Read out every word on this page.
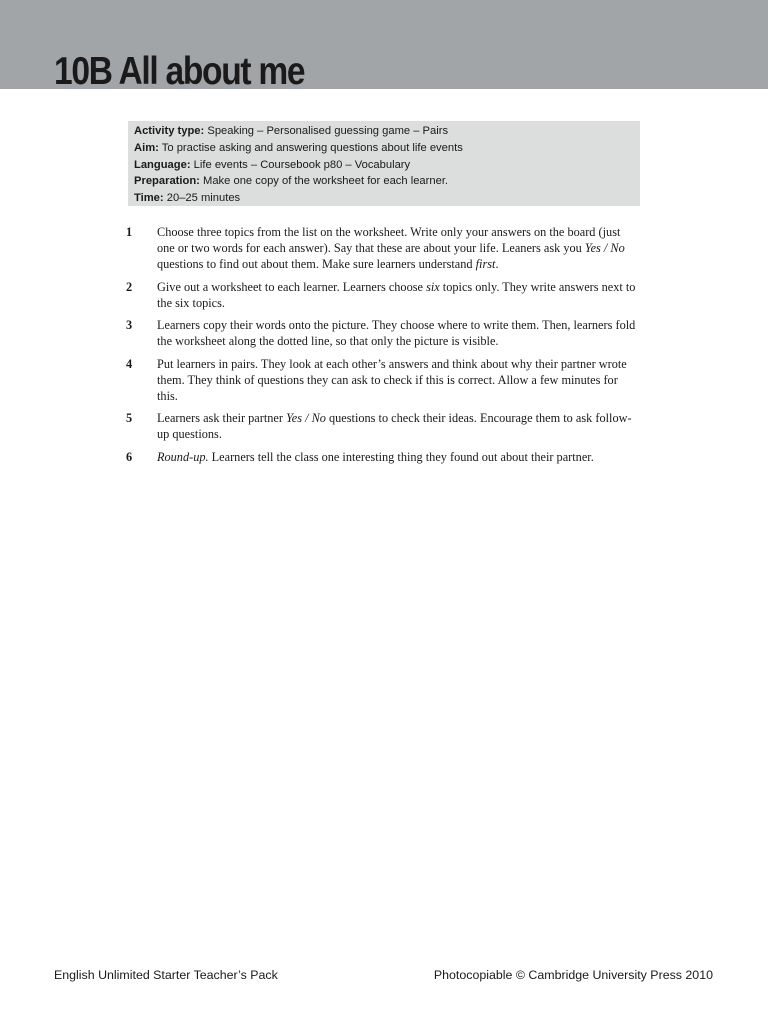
10B All about me
Activity type: Speaking – Personalised guessing game – Pairs
Aim: To practise asking and answering questions about life events
Language: Life events – Coursebook p80 – Vocabulary
Preparation: Make one copy of the worksheet for each learner.
Time: 20–25 minutes
1 Choose three topics from the list on the worksheet. Write only your answers on the board (just one or two words for each answer). Say that these are about your life. Leaners ask you Yes / No questions to find out about them. Make sure learners understand first.
2 Give out a worksheet to each learner. Learners choose six topics only. They write answers next to the six topics.
3 Learners copy their words onto the picture. They choose where to write them. Then, learners fold the worksheet along the dotted line, so that only the picture is visible.
4 Put learners in pairs. They look at each other’s answers and think about why their partner wrote them. They think of questions they can ask to check if this is correct. Allow a few minutes for this.
5 Learners ask their partner Yes / No questions to check their ideas. Encourage them to ask follow-up questions.
6 Round-up. Learners tell the class one interesting thing they found out about their partner.
English Unlimited Starter Teacher’s Pack	Photocopiable © Cambridge University Press 2010
